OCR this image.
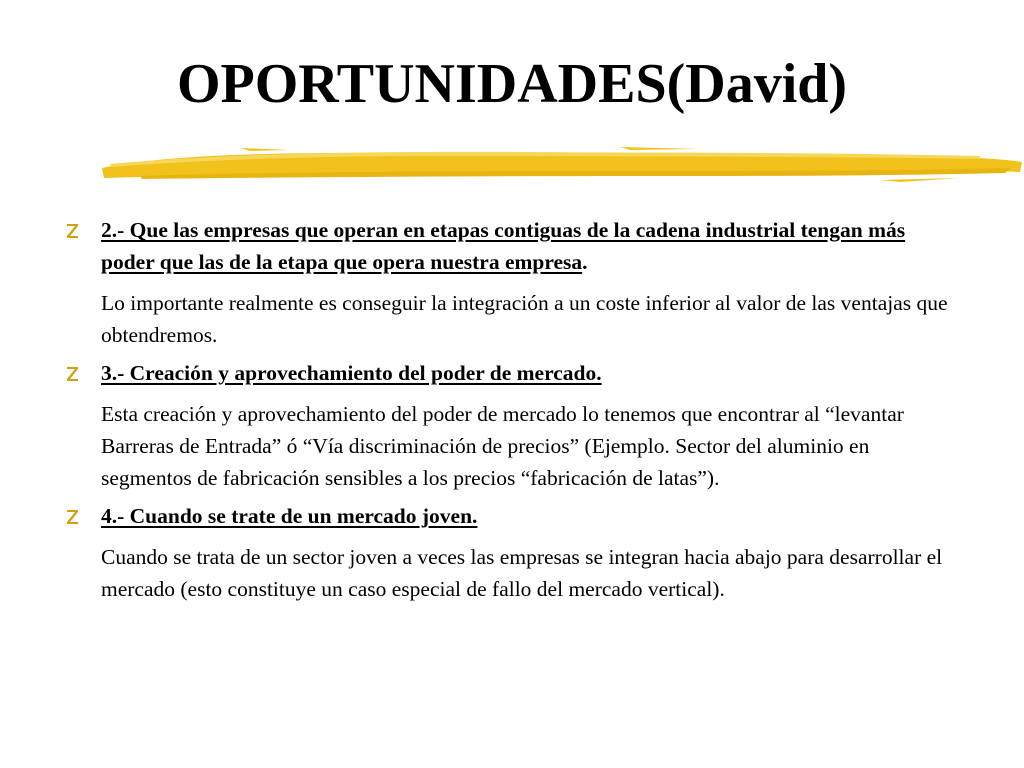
OPORTUNIDADES(David)
2.- Que las empresas que operan en etapas contiguas de la cadena industrial tengan más poder que las de la etapa que opera nuestra empresa.
Lo importante realmente es conseguir la integración a un coste inferior al valor de las ventajas que obtendremos.
3.- Creación y aprovechamiento del poder de mercado.
Esta creación y aprovechamiento del poder de mercado lo tenemos que encontrar al “levantar Barreras de Entrada” ó “Vía discriminación de precios” (Ejemplo. Sector del aluminio en segmentos de fabricación sensibles a los precios “fabricación de latas”).
4.- Cuando se trate de un mercado joven.
Cuando se trata de un sector joven a veces las empresas se integran hacia abajo para desarrollar el mercado (esto constituye un caso especial de fallo del mercado vertical).
